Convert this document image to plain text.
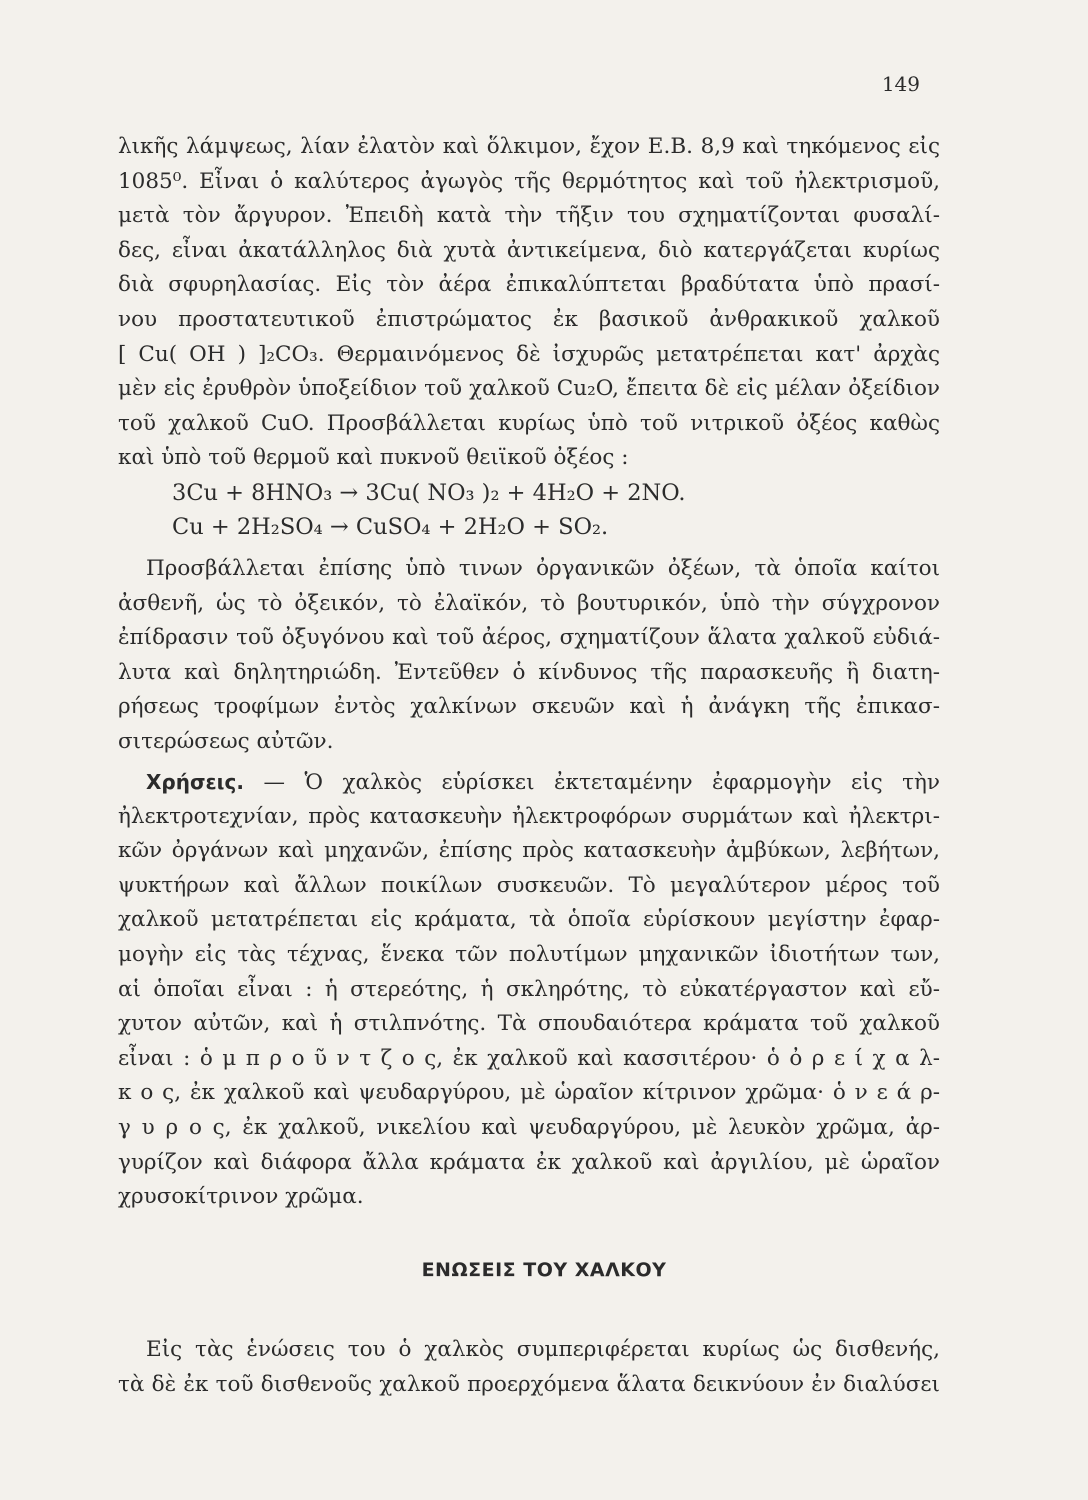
149
λικῆς λάμψεως, λίαν ἐλατὸν καὶ ὅλκιμον, ἔχον Ε.Β. 8,9 καὶ τηκόμενος εἰς
1085⁰. Εἶναι ὁ καλύτερος ἀγωγὸς τῆς θερμότητος καὶ τοῦ ἠλεκτρισμοῦ,
μετὰ τὸν ἄργυρον. Ἐπειδὴ κατὰ τὴν τῆξιν του σχηματίζονται φυσαλί-
δες, εἶναι ἀκατάλληλος διὰ χυτὰ ἀντικείμενα, διὸ κατεργάζεται κυρίως
διὰ σφυρηλασίας. Εἰς τὸν ἀέρα ἐπικαλύπτεται βραδύτατα ὑπὸ πρασί-
νου προστατευτικοῦ ἐπιστρώματος ἐκ βασικοῦ ἀνθρακικοῦ χαλκοῦ
[ Cu( OH ) ]₂CO₃. Θερμαινόμενος δὲ ἰσχυρῶς μετατρέπεται κατ' ἀρχὰς
μὲν εἰς ἐρυθρὸν ὑποξείδιον τοῦ χαλκοῦ Cu₂O, ἔπειτα δὲ εἰς μέλαν ὀξείδιον
τοῦ χαλκοῦ CuO. Προσβάλλεται κυρίως ὑπὸ τοῦ νιτρικοῦ ὀξέος καθὼς
καὶ ὑπὸ τοῦ θερμοῦ καὶ πυκνοῦ θειϊκοῦ ὀξέος :
3Cu + 8HNO₃ → 3Cu( NO₃ )₂ + 4H₂O + 2NO.
Cu + 2H₂SO₄ → CuSO₄ + 2H₂O + SO₂.
Προσβάλλεται ἐπίσης ὑπὸ τινων ὀργανικῶν ὀξέων, τὰ ὁποῖα καίτοι
ἀσθενῆ, ὡς τὸ ὀξεικόν, τὸ ἐλαϊκόν, τὸ βουτυρικόν, ὑπὸ τὴν σύγχρονον
ἐπίδρασιν τοῦ ὀξυγόνου καὶ τοῦ ἀέρος, σχηματίζουν ἅλατα χαλκοῦ εὐδιά-
λυτα καὶ δηλητηριώδη. Ἐντεῦθεν ὁ κίνδυνος τῆς παρασκευῆς ἢ διατη-
ρήσεως τροφίμων ἐντὸς χαλκίνων σκευῶν καὶ ἡ ἀνάγκη τῆς ἐπικασ-
σιτερώσεως αὐτῶν.
Χρήσεις. — Ὁ χαλκὸς εὑρίσκει ἐκτεταμένην ἐφαρμογὴν εἰς τὴν
ἠλεκτροτεχνίαν, πρὸς κατασκευὴν ἠλεκτροφόρων συρμάτων καὶ ἠλεκτρι-
κῶν ὀργάνων καὶ μηχανῶν, ἐπίσης πρὸς κατασκευὴν ἀμβύκων, λεβήτων,
ψυκτήρων καὶ ἄλλων ποικίλων συσκευῶν. Τὸ μεγαλύτερον μέρος τοῦ
χαλκοῦ μετατρέπεται εἰς κράματα, τὰ ὁποῖα εὑρίσκουν μεγίστην ἐφαρ-
μογὴν εἰς τὰς τέχνας, ἕνεκα τῶν πολυτίμων μηχανικῶν ἰδιοτήτων των,
αἱ ὁποῖαι εἶναι : ἡ στερεότης, ἡ σκληρότης, τὸ εὐκατέργαστον καὶ εὔ-
χυτον αὐτῶν, καὶ ἡ στιλπνότης. Τὰ σπουδαιότερα κράματα τοῦ χαλκοῦ
εἶναι : ὁ μ π ρ ο ῦ ν τ ζ ο ς, ἐκ χαλκοῦ καὶ κασσιτέρου· ὁ ὀ ρ ε ί χ α λ-
κ ο ς, ἐκ χαλκοῦ καὶ ψευδαργύρου, μὲ ὡραῖον κίτρινον χρῶμα· ὁ ν ε ά ρ-
γ υ ρ ο ς, ἐκ χαλκοῦ, νικελίου καὶ ψευδαργύρου, μὲ λευκὸν χρῶμα, ἀρ-
γυρίζον καὶ διάφορα ἄλλα κράματα ἐκ χαλκοῦ καὶ ἀργιλίου, μὲ ὡραῖον
χρυσοκίτρινον χρῶμα.
ΕΝΩΣΕΙΣ ΤΟΥ ΧΑΛΚΟΥ
Εἰς τὰς ἑνώσεις του ὁ χαλκὸς συμπεριφέρεται κυρίως ὡς δισθενής,
τὰ δὲ ἐκ τοῦ δισθενοῦς χαλκοῦ προερχόμενα ἅλατα δεικνύουν ἐν διαλύσει
